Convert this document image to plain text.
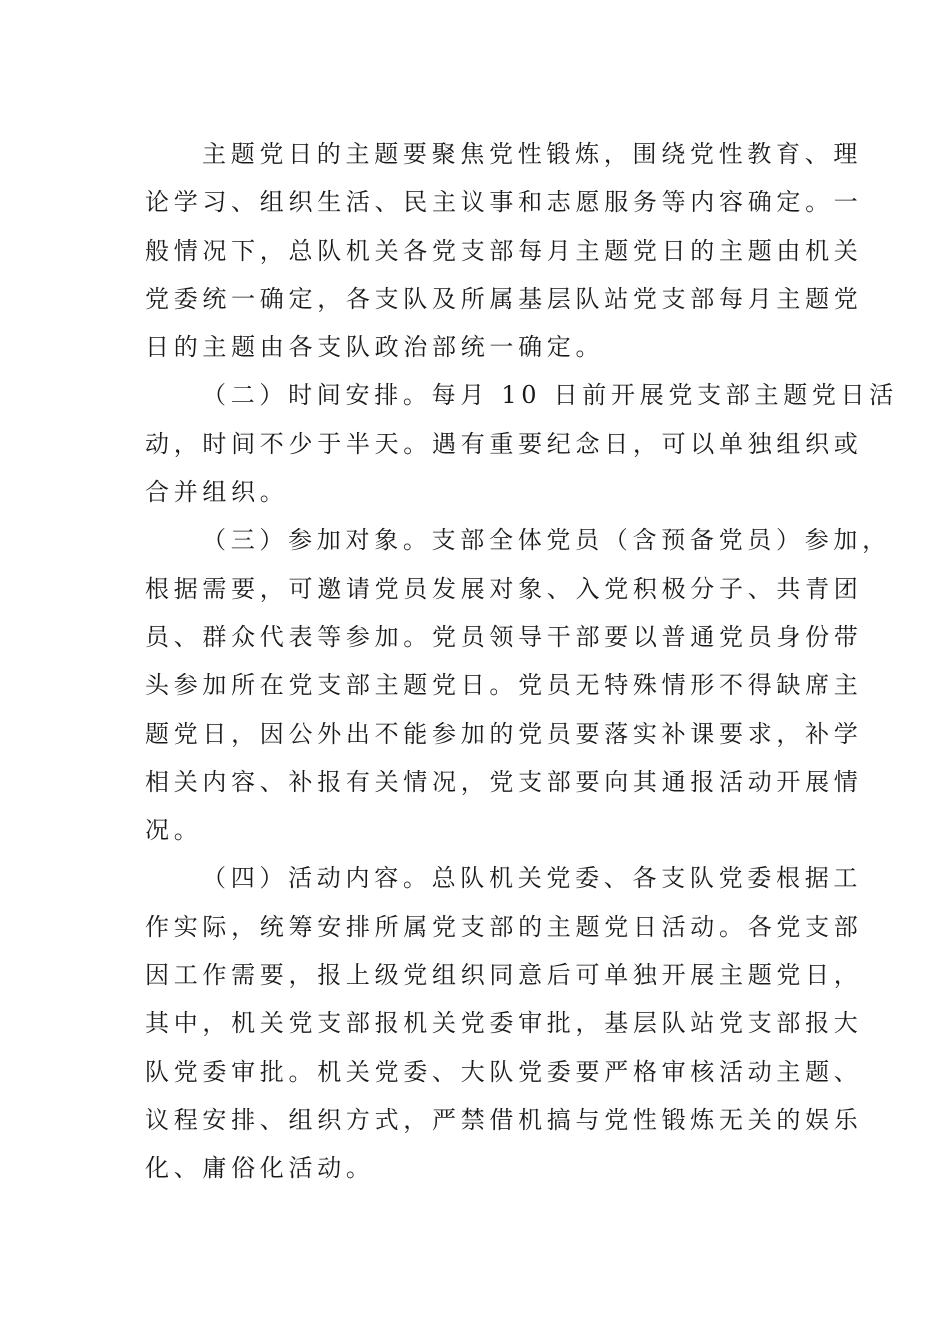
主题党日的主题要聚焦党性锻炼，围绕党性教育、理
论学习、组织生活、民主议事和志愿服务等内容确定。一
般情况下，总队机关各党支部每月主题党日的主题由机关
党委统一确定，各支队及所属基层队站党支部每月主题党
日的主题由各支队政治部统一确定。
（二）时间安排。每月 10 日前开展党支部主题党日活
动，时间不少于半天。遇有重要纪念日，可以单独组织或
合并组织。
（三）参加对象。支部全体党员（含预备党员）参加，
根据需要，可邀请党员发展对象、入党积极分子、共青团
员、群众代表等参加。党员领导干部要以普通党员身份带
头参加所在党支部主题党日。党员无特殊情形不得缺席主
题党日，因公外出不能参加的党员要落实补课要求，补学
相关内容、补报有关情况，党支部要向其通报活动开展情
况。
（四）活动内容。总队机关党委、各支队党委根据工
作实际，统筹安排所属党支部的主题党日活动。各党支部
因工作需要，报上级党组织同意后可单独开展主题党日，
其中，机关党支部报机关党委审批，基层队站党支部报大
队党委审批。机关党委、大队党委要严格审核活动主题、
议程安排、组织方式，严禁借机搞与党性锻炼无关的娱乐
化、庸俗化活动。
